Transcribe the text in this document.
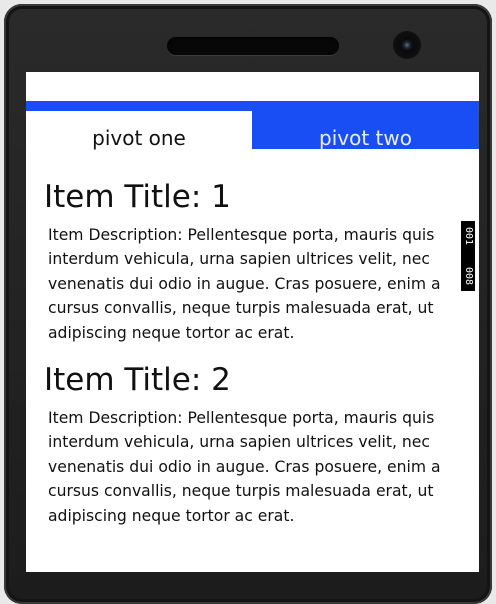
pivot one	pivot two
Item Title: 1

Item Description: Pellentesque porta, mauris quis interdum vehicula, urna sapien ultrices velit, nec venenatis dui odio in augue. Cras posuere, enim a cursus convallis, neque turpis malesuada erat, ut adipiscing neque tortor ac erat.

Item Title: 2

Item Description: Pellentesque porta, mauris quis interdum vehicula, urna sapien ultrices velit, nec venenatis dui odio in augue. Cras posuere, enim a cursus convallis, neque turpis malesuada erat, ut adipiscing neque tortor ac erat.

001
008
